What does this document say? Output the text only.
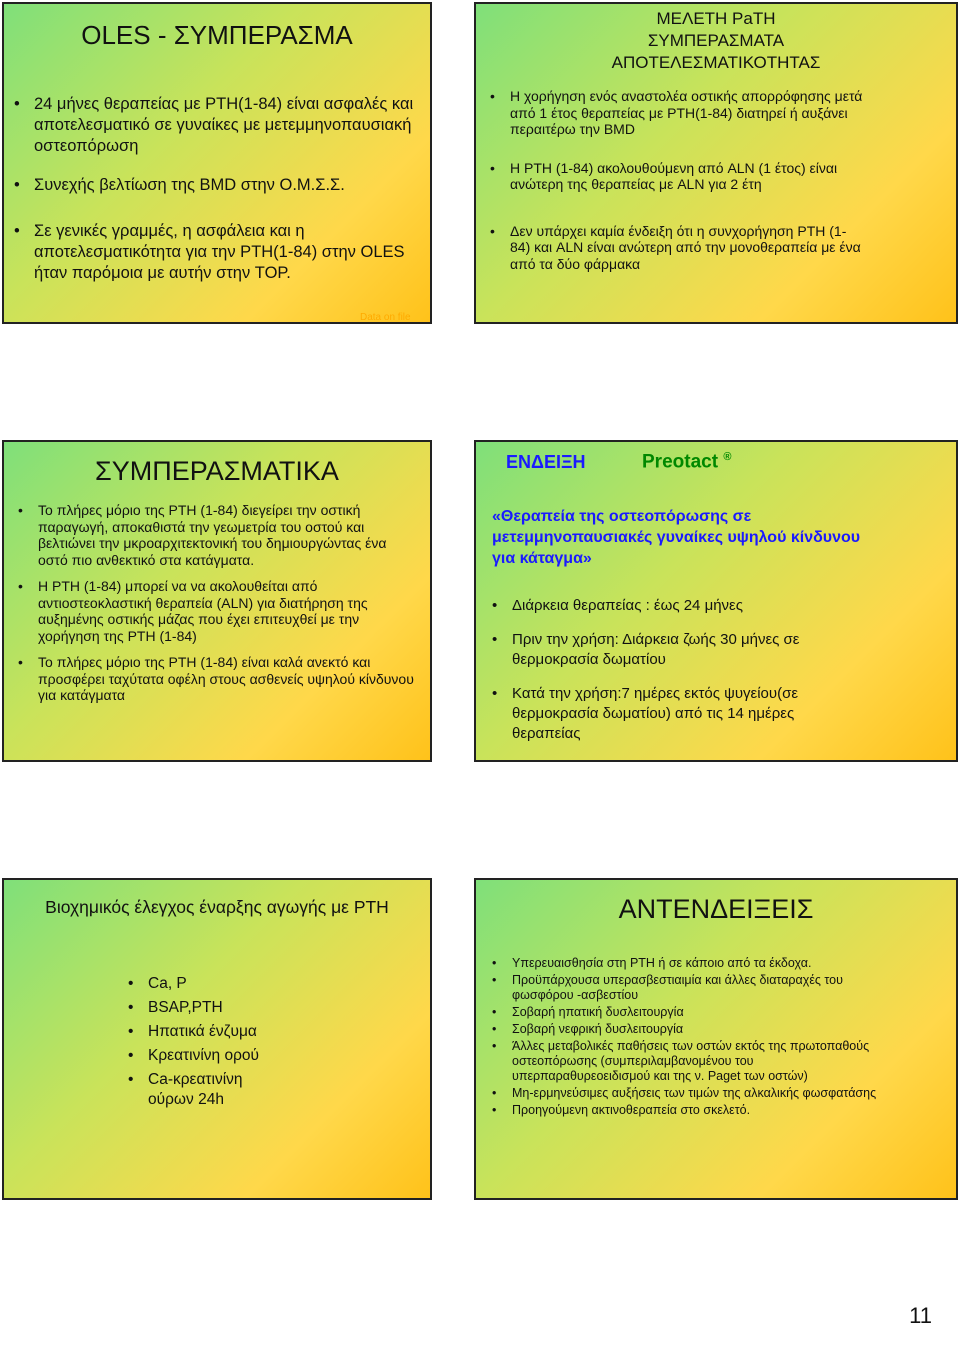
OLES - ΣΥΜΠΕΡΑΣΜΑ
• 24 μήνες θεραπείας με PTH(1-84) είναι ασφαλές και αποτελεσματικό σε γυναίκες με μετεμμηνοπαυσιακή οστεοπόρωση
• Συνεχής βελτίωση της BMD στην Ο.Μ.Σ.Σ.
• Σε γενικές γραμμές, η ασφάλεια και η αποτελεσματικότητα για την PTH(1-84) στην OLES ήταν παρόμοια με αυτήν στην TOP.
Data on file
ΜΕΛΕΤΗ PaTH
ΣΥΜΠΕΡΑΣΜΑΤΑ
ΑΠΟΤΕΛΕΣΜΑΤΙΚΟΤΗΤΑΣ
• Η χορήγηση ενός αναστολέα οστικής απορρόφησης μετά από 1 έτος θεραπείας με PTH(1-84) διατηρεί ή αυξάνει περαιτέρω την BMD
• Η PTH (1-84) ακολουθούμενη από ALN (1 έτος) είναι ανώτερη της θεραπείας με ALN για 2 έτη
• Δεν υπάρχει καμία ένδειξη ότι η συνχορήγηση PTH (1-84) και ALN είναι ανώτερη από την μονοθεραπεία με ένα από τα δύο φάρμακα
ΣΥΜΠΕΡΑΣΜΑΤΙΚΑ
• Το πλήρες μόριο της PTH (1-84) διεγείρει την οστική παραγωγή, αποκαθιστά την γεωμετρία του οστού και βελτιώνει την μκροαρχιτεκτονική του δημιουργώντας ένα οστό πιο ανθεκτικό στα κατάγματα.
• Η PTH (1-84) μπορεί να να ακολουθείται από αντιοστεοκλαστική θεραπεία (ALN) για διατήρηση της αυξημένης οστικής μάζας που έχει επιτευχθεί με την χορήγηση της PTH (1-84)
• Το πλήρες μόριο της PTH (1-84) είναι καλά ανεκτό και προσφέρει ταχύτατα οφέλη στους ασθενείς υψηλού κίνδυνου για κατάγματα
ΕΝΔΕΙΞΗ	Preotact ®
«Θεραπεία της οστεοπόρωσης σε μετεμμηνοπαυσιακές γυναίκες υψηλού κίνδυνου για κάταγμα»
• Διάρκεια θεραπείας : έως 24 μήνες
• Πριν την χρήση: Διάρκεια ζωής 30 μήνες σε θερμοκρασία δωματίου
• Κατά την χρήση:7 ημέρες εκτός ψυγείου(σε θερμοκρασία δωματίου) από τις 14 ημέρες θεραπείας
Βιοχημικός έλεγχος έναρξης αγωγής με PTH
• Ca, P
• BSAP,PTH
• Ηπατικά ένζυμα
• Κρεατινίνη ορού
• Ca-κρεατινίνη ούρων 24h
ΑΝΤΕΝΔΕΙΞΕΙΣ
• Υπερευαισθησία στη PTH ή σε κάποιο από τα έκδοχα.
• Προϋπάρχουσα υπερασβεστιαιμία και άλλες διαταραχές του φωσφόρου -ασβεστίου
• Σοβαρή ηπατική δυσλειτουργία
• Σοβαρή νεφρική δυσλειτουργία
• Άλλες μεταβολικές παθήσεις των οστών εκτός της πρωτοπαθούς οστεοπόρωσης (συμπεριλαμβανομένου του υπερπαραθυρεοειδισμού και της ν. Paget των οστών)
• Μη-ερμηνεύσιμες αυξήσεις των τιμών της αλκαλικής φωσφατάσης
• Προηγούμενη ακτινοθεραπεία στο σκελετό.
11
